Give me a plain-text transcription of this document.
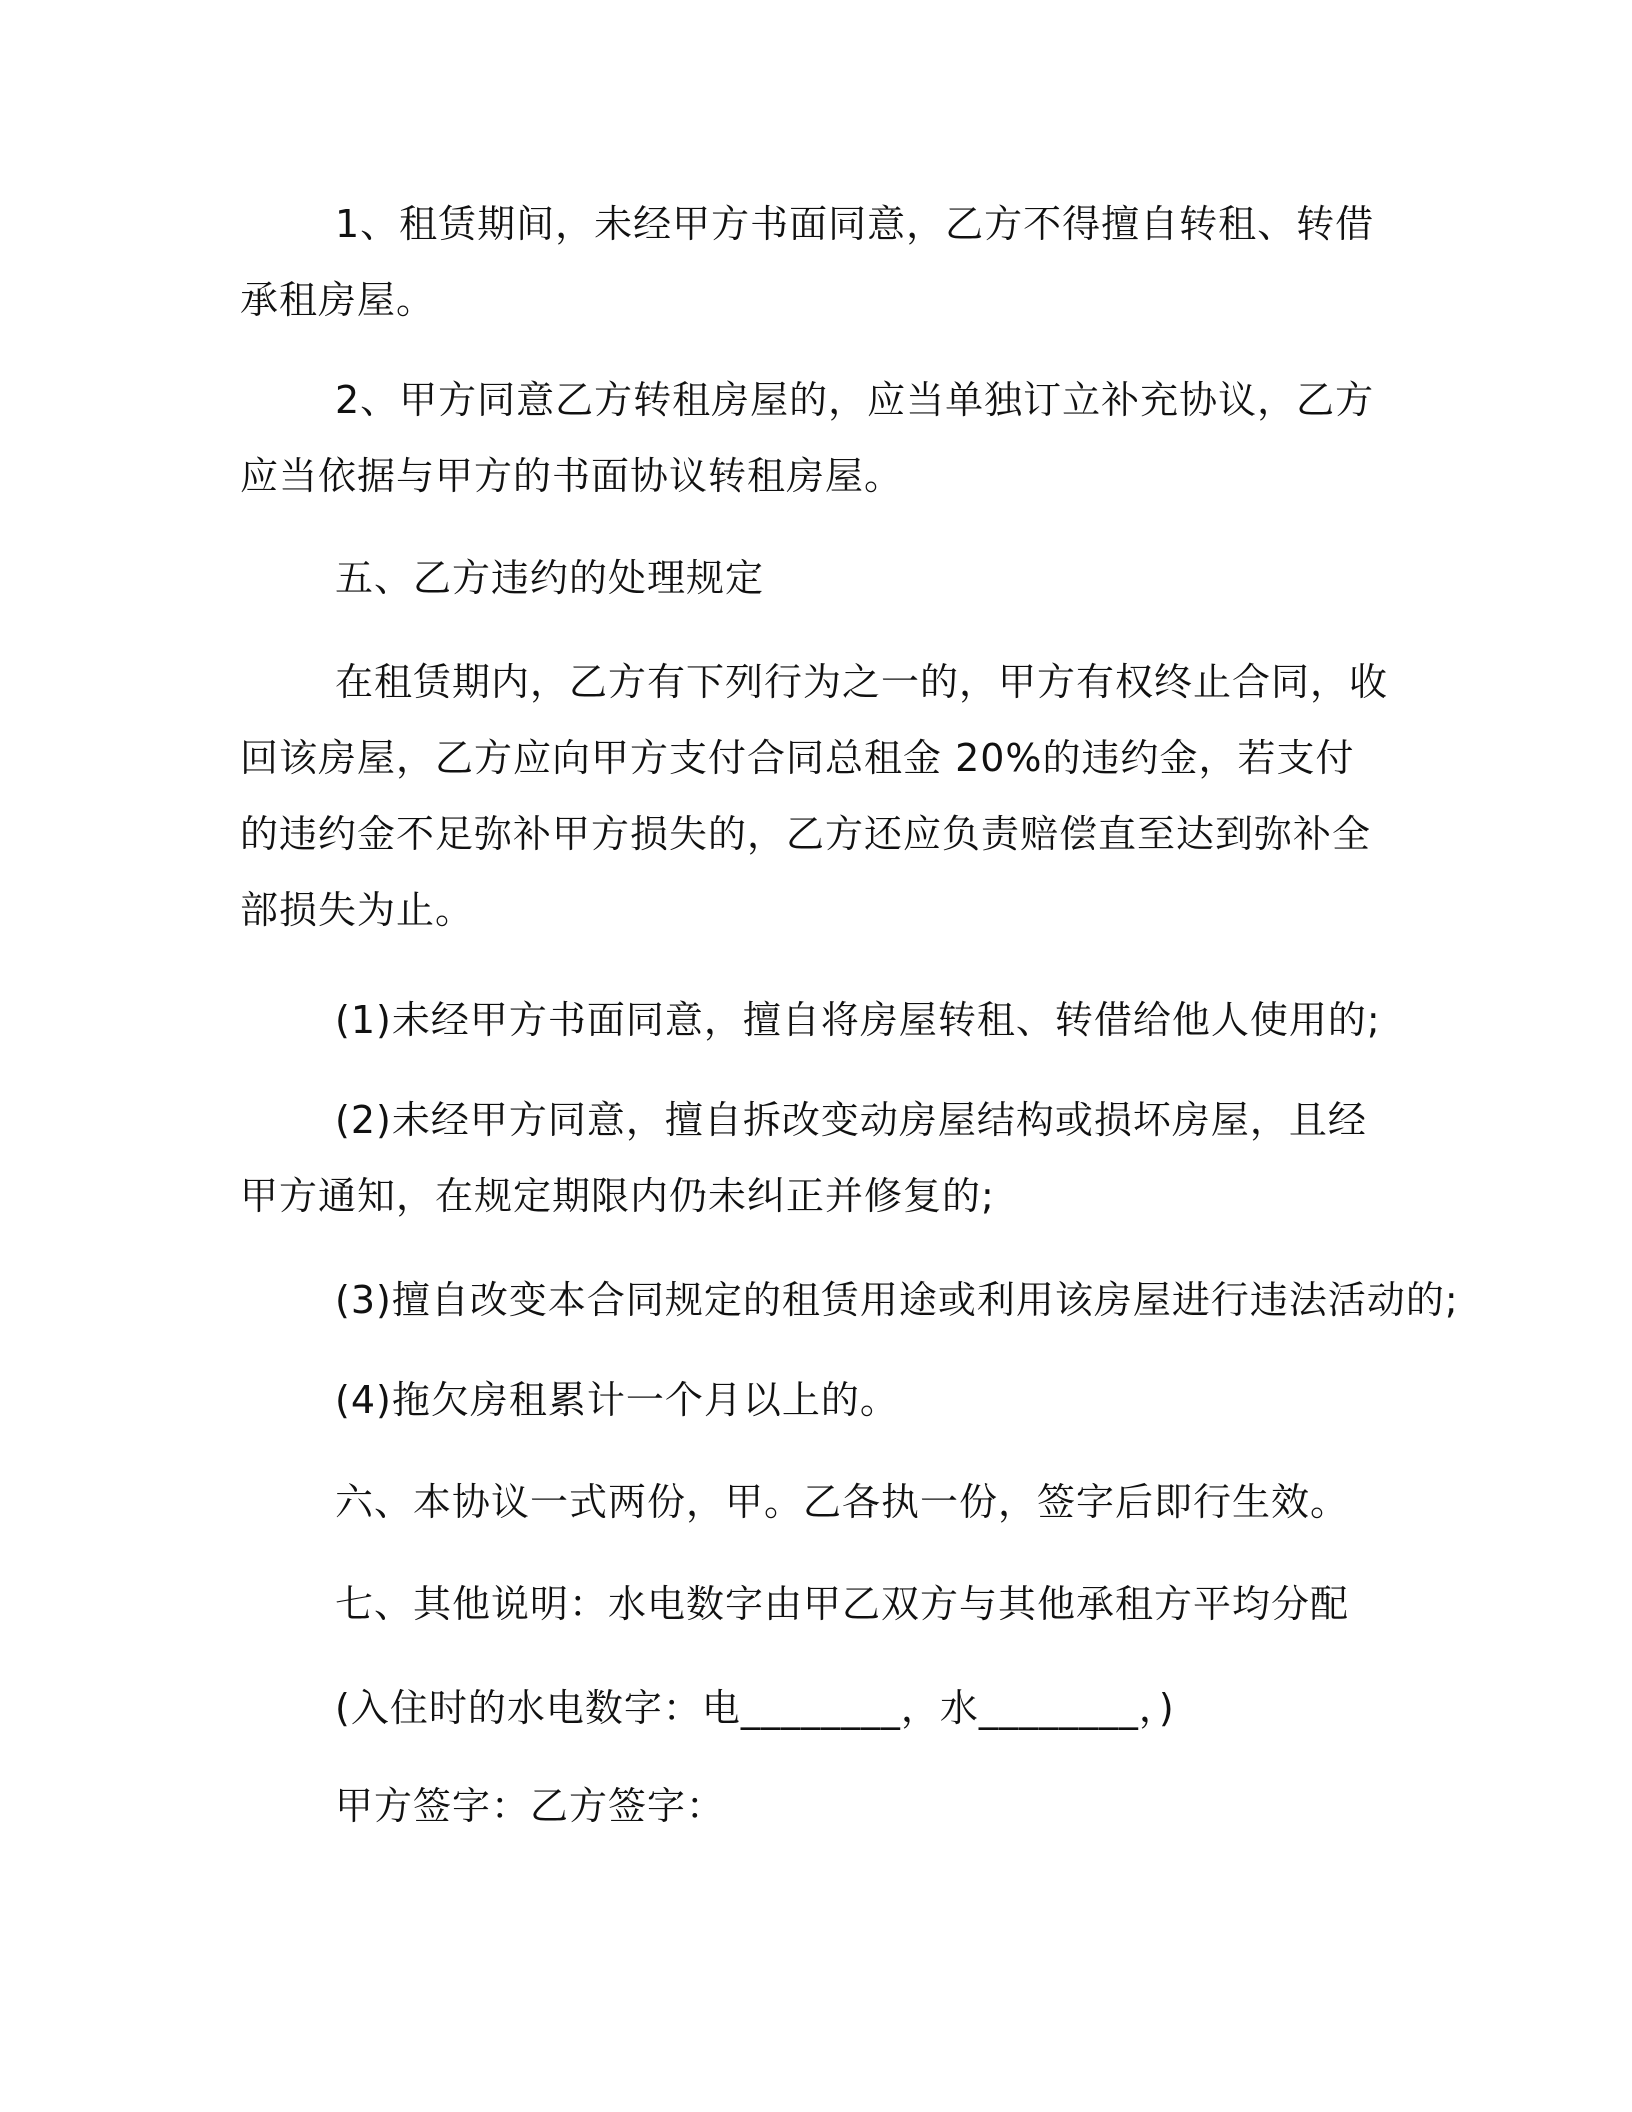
1、租赁期间，未经甲方书面同意，乙方不得擅自转租、转借承租房屋。

2、甲方同意乙方转租房屋的，应当单独订立补充协议，乙方应当依据与甲方的书面协议转租房屋。

五、乙方违约的处理规定

在租赁期内，乙方有下列行为之一的，甲方有权终止合同，收回该房屋，乙方应向甲方支付合同总租金 20%的违约金，若支付的违约金不足弥补甲方损失的，乙方还应负责赔偿直至达到弥补全部损失为止。

(1)未经甲方书面同意，擅自将房屋转租、转借给他人使用的;

(2)未经甲方同意，擅自拆改变动房屋结构或损坏房屋，且经甲方通知，在规定期限内仍未纠正并修复的;

(3)擅自改变本合同规定的租赁用途或利用该房屋进行违法活动的;

(4)拖欠房租累计一个月以上的。

六、本协议一式两份，甲。乙各执一份，签字后即行生效。

七、其他说明：水电数字由甲乙双方与其他承租方平均分配

(入住时的水电数字：电________，水________，)

甲方签字：乙方签字：
